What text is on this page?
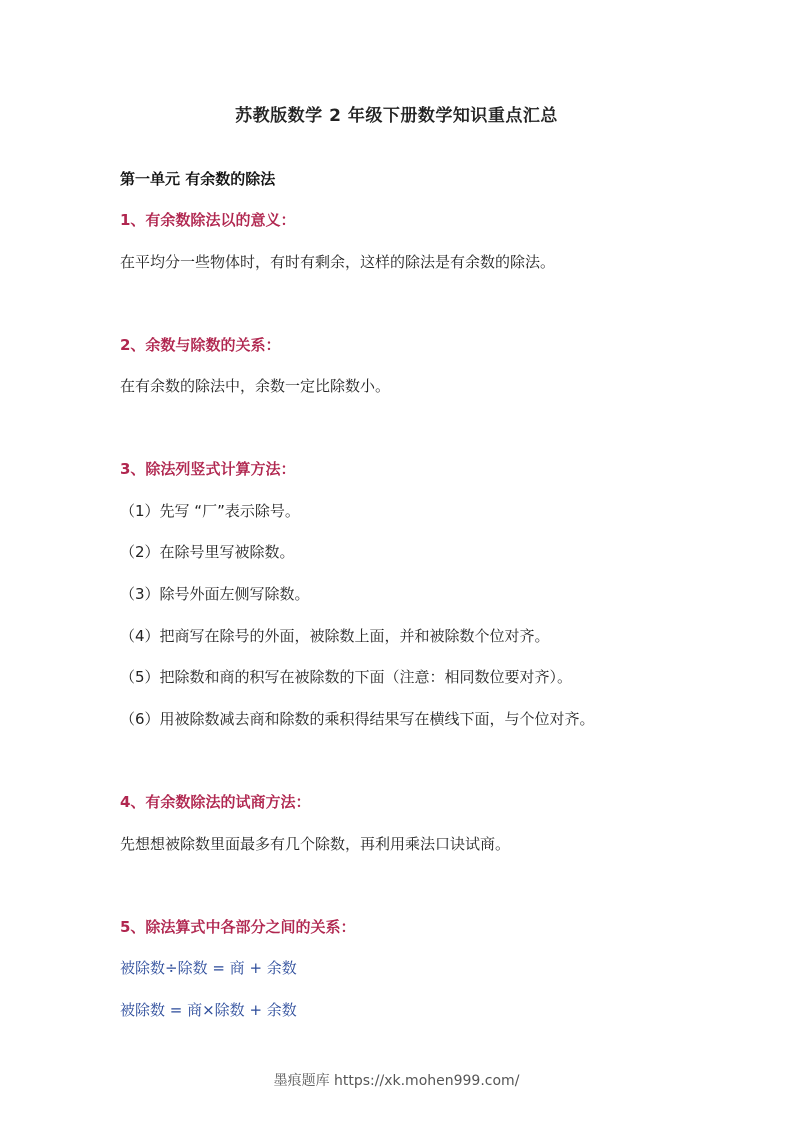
苏教版数学 2 年级下册数学知识重点汇总
第一单元 有余数的除法
1、有余数除法以的意义：
在平均分一些物体时，有时有剩余，这样的除法是有余数的除法。
2、余数与除数的关系：
在有余数的除法中，余数一定比除数小。
3、除法列竖式计算方法：
（1）先写 “厂”表示除号。
（2）在除号里写被除数。
（3）除号外面左侧写除数。
（4）把商写在除号的外面，被除数上面，并和被除数个位对齐。
（5）把除数和商的积写在被除数的下面（注意：相同数位要对齐）。
（6）用被除数减去商和除数的乘积得结果写在横线下面，与个位对齐。
4、有余数除法的试商方法：
先想想被除数里面最多有几个除数，再利用乘法口诀试商。
5、除法算式中各部分之间的关系：
被除数÷除数 = 商 + 余数
被除数 = 商×除数 + 余数
墨痕题库 https://xk.mohen999.com/
